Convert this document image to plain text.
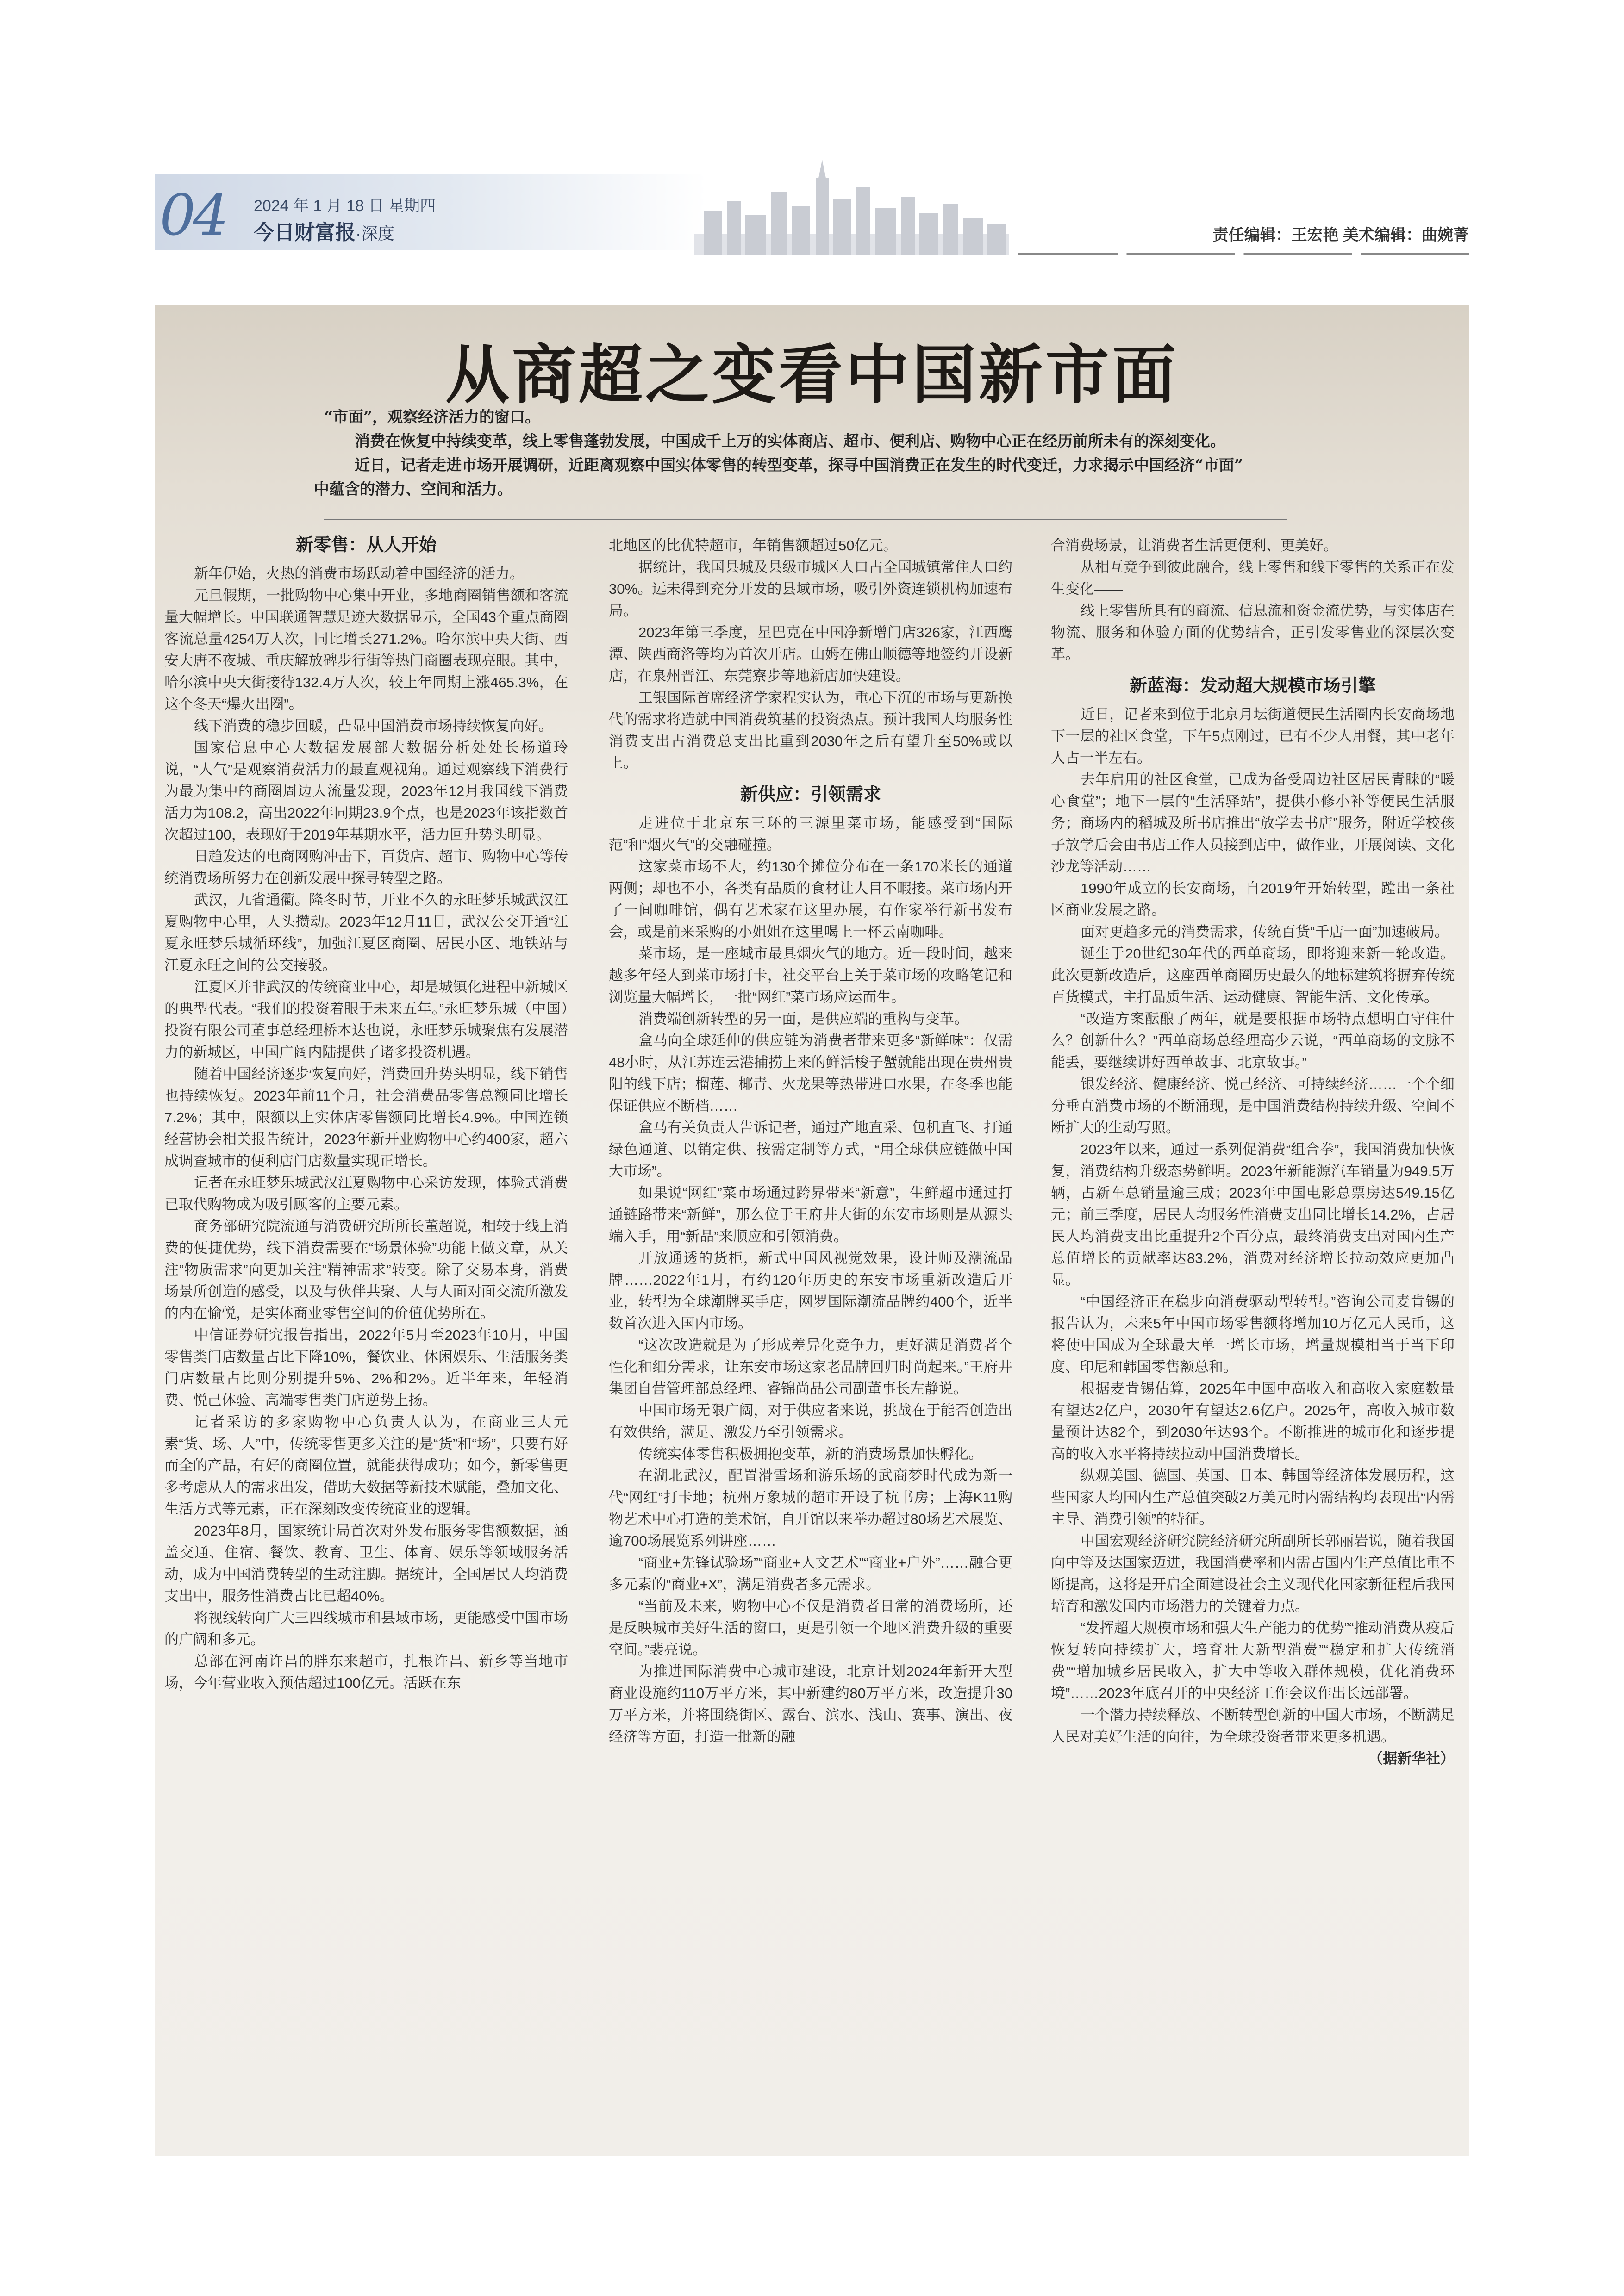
04	2024 年 1 月 18 日 星期四
今日财富报·深度	责任编辑：王宏艳 美术编辑：曲婉菁
从商超之变看中国新市面

“市面”，观察经济活力的窗口。

消费在恢复中持续变革，线上零售蓬勃发展，中国成千上万的实体商店、超市、便利店、购物中心正在经历前所未有的深刻变化。

近日，记者走进市场开展调研，近距离观察中国实体零售的转型变革，探寻中国消费正在发生的时代变迁，力求揭示中国经济“市面”

中蕴含的潜力、空间和活力。

新零售：从人开始

新年伊始，火热的消费市场跃动着中国经济的活力。

元旦假期，一批购物中心集中开业，多地商圈销售额和客流量大幅增长。中国联通智慧足迹大数据显示，全国43个重点商圈客流总量4254万人次，同比增长271.2%。哈尔滨中央大街、西安大唐不夜城、重庆解放碑步行街等热门商圈表现亮眼。其中，哈尔滨中央大街接待132.4万人次，较上年同期上涨465.3%，在这个冬天“爆火出圈”。

线下消费的稳步回暖，凸显中国消费市场持续恢复向好。

国家信息中心大数据发展部大数据分析处处长杨道玲说，“人气”是观察消费活力的最直观视角。通过观察线下消费行为最为集中的商圈周边人流量发现，2023年12月我国线下消费活力为108.2，高出2022年同期23.9个点，也是2023年该指数首次超过100，表现好于2019年基期水平，活力回升势头明显。

日趋发达的电商网购冲击下，百货店、超市、购物中心等传统消费场所努力在创新发展中探寻转型之路。

武汉，九省通衢。隆冬时节，开业不久的永旺梦乐城武汉江夏购物中心里，人头攒动。2023年12月11日，武汉公交开通“江夏永旺梦乐城循环线”，加强江夏区商圈、居民小区、地铁站与江夏永旺之间的公交接驳。

江夏区并非武汉的传统商业中心，却是城镇化进程中新城区的典型代表。“我们的投资着眼于未来五年。”永旺梦乐城（中国）投资有限公司董事总经理桥本达也说，永旺梦乐城聚焦有发展潜力的新城区，中国广阔内陆提供了诸多投资机遇。

随着中国经济逐步恢复向好，消费回升势头明显，线下销售也持续恢复。2023年前11个月，社会消费品零售总额同比增长7.2%；其中，限额以上实体店零售额同比增长4.9%。中国连锁经营协会相关报告统计，2023年新开业购物中心约400家，超六成调查城市的便利店门店数量实现正增长。

记者在永旺梦乐城武汉江夏购物中心采访发现，体验式消费已取代购物成为吸引顾客的主要元素。

商务部研究院流通与消费研究所所长董超说，相较于线上消费的便捷优势，线下消费需要在“场景体验”功能上做文章，从关注“物质需求”向更加关注“精神需求”转变。除了交易本身，消费场景所创造的感受，以及与伙伴共聚、人与人面对面交流所激发的内在愉悦，是实体商业零售空间的价值优势所在。

中信证券研究报告指出，2022年5月至2023年10月，中国零售类门店数量占比下降10%，餐饮业、休闲娱乐、生活服务类门店数量占比则分别提升5%、2%和2%。近半年来，年轻消费、悦己体验、高端零售类门店逆势上扬。

记者采访的多家购物中心负责人认为，在商业三大元素“货、场、人”中，传统零售更多关注的是“货”和“场”，只要有好而全的产品，有好的商圈位置，就能获得成功；如今，新零售更多考虑从人的需求出发，借助大数据等新技术赋能，叠加文化、生活方式等元素，正在深刻改变传统商业的逻辑。

2023年8月，国家统计局首次对外发布服务零售额数据，涵盖交通、住宿、餐饮、教育、卫生、体育、娱乐等领域服务活动，成为中国消费转型的生动注脚。据统计，全国居民人均消费支出中，服务性消费占比已超40%。

将视线转向广大三四线城市和县域市场，更能感受中国市场的广阔和多元。

总部在河南许昌的胖东来超市，扎根许昌、新乡等当地市场，今年营业收入预估超过100亿元。活跃在东

北地区的比优特超市，年销售额超过50亿元。

据统计，我国县城及县级市城区人口占全国城镇常住人口约30%。远未得到充分开发的县域市场，吸引外资连锁机构加速布局。

2023年第三季度，星巴克在中国净新增门店326家，江西鹰潭、陕西商洛等均为首次开店。山姆在佛山顺德等地签约开设新店，在泉州晋江、东莞寮步等地新店加快建设。

工银国际首席经济学家程实认为，重心下沉的市场与更新换代的需求将造就中国消费筑基的投资热点。预计我国人均服务性消费支出占消费总支出比重到2030年之后有望升至50%或以上。

新供应：引领需求

走进位于北京东三环的三源里菜市场，能感受到“国际范”和“烟火气”的交融碰撞。

这家菜市场不大，约130个摊位分布在一条170米长的通道两侧；却也不小，各类有品质的食材让人目不暇接。菜市场内开了一间咖啡馆，偶有艺术家在这里办展，有作家举行新书发布会，或是前来采购的小姐姐在这里喝上一杯云南咖啡。

菜市场，是一座城市最具烟火气的地方。近一段时间，越来越多年轻人到菜市场打卡，社交平台上关于菜市场的攻略笔记和浏览量大幅增长，一批“网红”菜市场应运而生。

消费端创新转型的另一面，是供应端的重构与变革。

盒马向全球延伸的供应链为消费者带来更多“新鲜味”：仅需48小时，从江苏连云港捕捞上来的鲜活梭子蟹就能出现在贵州贵阳的线下店；榴莲、椰青、火龙果等热带进口水果，在冬季也能保证供应不断档……

盒马有关负责人告诉记者，通过产地直采、包机直飞、打通绿色通道、以销定供、按需定制等方式，“用全球供应链做中国大市场”。

如果说“网红”菜市场通过跨界带来“新意”，生鲜超市通过打通链路带来“新鲜”，那么位于王府井大街的东安市场则是从源头端入手，用“新品”来顺应和引领消费。

开放通透的货柜，新式中国风视觉效果，设计师及潮流品牌……2022年1月，有约120年历史的东安市场重新改造后开业，转型为全球潮牌买手店，网罗国际潮流品牌约400个，近半数首次进入国内市场。

“这次改造就是为了形成差异化竞争力，更好满足消费者个性化和细分需求，让东安市场这家老品牌回归时尚起来。”王府井集团自营管理部总经理、睿锦尚品公司副董事长左静说。

中国市场无限广阔，对于供应者来说，挑战在于能否创造出有效供给，满足、激发乃至引领需求。

传统实体零售积极拥抱变革，新的消费场景加快孵化。

在湖北武汉，配置滑雪场和游乐场的武商梦时代成为新一代“网红”打卡地；杭州万象城的超市开设了杭书房；上海K11购物艺术中心打造的美术馆，自开馆以来举办超过80场艺术展览、逾700场展览系列讲座……

“商业+先锋试验场”“商业+人文艺术”“商业+户外”……融合更多元素的“商业+X”，满足消费者多元需求。

“当前及未来，购物中心不仅是消费者日常的消费场所，还是反映城市美好生活的窗口，更是引领一个地区消费升级的重要空间。”裴亮说。

为推进国际消费中心城市建设，北京计划2024年新开大型商业设施约110万平方米，其中新建约80万平方米，改造提升30万平方米，并将围绕街区、露台、滨水、浅山、赛事、演出、夜经济等方面，打造一批新的融

合消费场景，让消费者生活更便利、更美好。

从相互竞争到彼此融合，线上零售和线下零售的关系正在发生变化——

线上零售所具有的商流、信息流和资金流优势，与实体店在物流、服务和体验方面的优势结合，正引发零售业的深层次变革。

新蓝海：发动超大规模市场引擎

近日，记者来到位于北京月坛街道便民生活圈内长安商场地下一层的社区食堂，下午5点刚过，已有不少人用餐，其中老年人占一半左右。

去年启用的社区食堂，已成为备受周边社区居民青睐的“暖心食堂”；地下一层的“生活驿站”，提供小修小补等便民生活服务；商场内的稻城及所书店推出“放学去书店”服务，附近学校孩子放学后会由书店工作人员接到店中，做作业，开展阅读、文化沙龙等活动……

1990年成立的长安商场，自2019年开始转型，蹚出一条社区商业发展之路。

面对更趋多元的消费需求，传统百货“千店一面”加速破局。

诞生于20世纪30年代的西单商场，即将迎来新一轮改造。此次更新改造后，这座西单商圈历史最久的地标建筑将摒弃传统百货模式，主打品质生活、运动健康、智能生活、文化传承。

“改造方案酝酿了两年，就是要根据市场特点想明白守住什么？创新什么？”西单商场总经理高少云说，“西单商场的文脉不能丢，要继续讲好西单故事、北京故事。”

银发经济、健康经济、悦己经济、可持续经济……一个个细分垂直消费市场的不断涌现，是中国消费结构持续升级、空间不断扩大的生动写照。

2023年以来，通过一系列促消费“组合拳”，我国消费加快恢复，消费结构升级态势鲜明。2023年新能源汽车销量为949.5万辆，占新车总销量逾三成；2023年中国电影总票房达549.15亿元；前三季度，居民人均服务性消费支出同比增长14.2%，占居民人均消费支出比重提升2个百分点，最终消费支出对国内生产总值增长的贡献率达83.2%，消费对经济增长拉动效应更加凸显。

“中国经济正在稳步向消费驱动型转型。”咨询公司麦肯锡的报告认为，未来5年中国市场零售额将增加10万亿元人民币，这将使中国成为全球最大单一增长市场，增量规模相当于当下印度、印尼和韩国零售额总和。

根据麦肯锡估算，2025年中国中高收入和高收入家庭数量有望达2亿户，2030年有望达2.6亿户。2025年，高收入城市数量预计达82个，到2030年达93个。不断推进的城市化和逐步提高的收入水平将持续拉动中国消费增长。

纵观美国、德国、英国、日本、韩国等经济体发展历程，这些国家人均国内生产总值突破2万美元时内需结构均表现出“内需主导、消费引领”的特征。

中国宏观经济研究院经济研究所副所长郭丽岩说，随着我国向中等及达国家迈进，我国消费率和内需占国内生产总值比重不断提高，这将是开启全面建设社会主义现代化国家新征程后我国培育和激发国内市场潜力的关键着力点。

“发挥超大规模市场和强大生产能力的优势”“推动消费从疫后恢复转向持续扩大，培育壮大新型消费”“稳定和扩大传统消费”“增加城乡居民收入，扩大中等收入群体规模，优化消费环境”……2023年底召开的中央经济工作会议作出长远部署。

一个潜力持续释放、不断转型创新的中国大市场，不断满足人民对美好生活的向往，为全球投资者带来更多机遇。

（据新华社）
